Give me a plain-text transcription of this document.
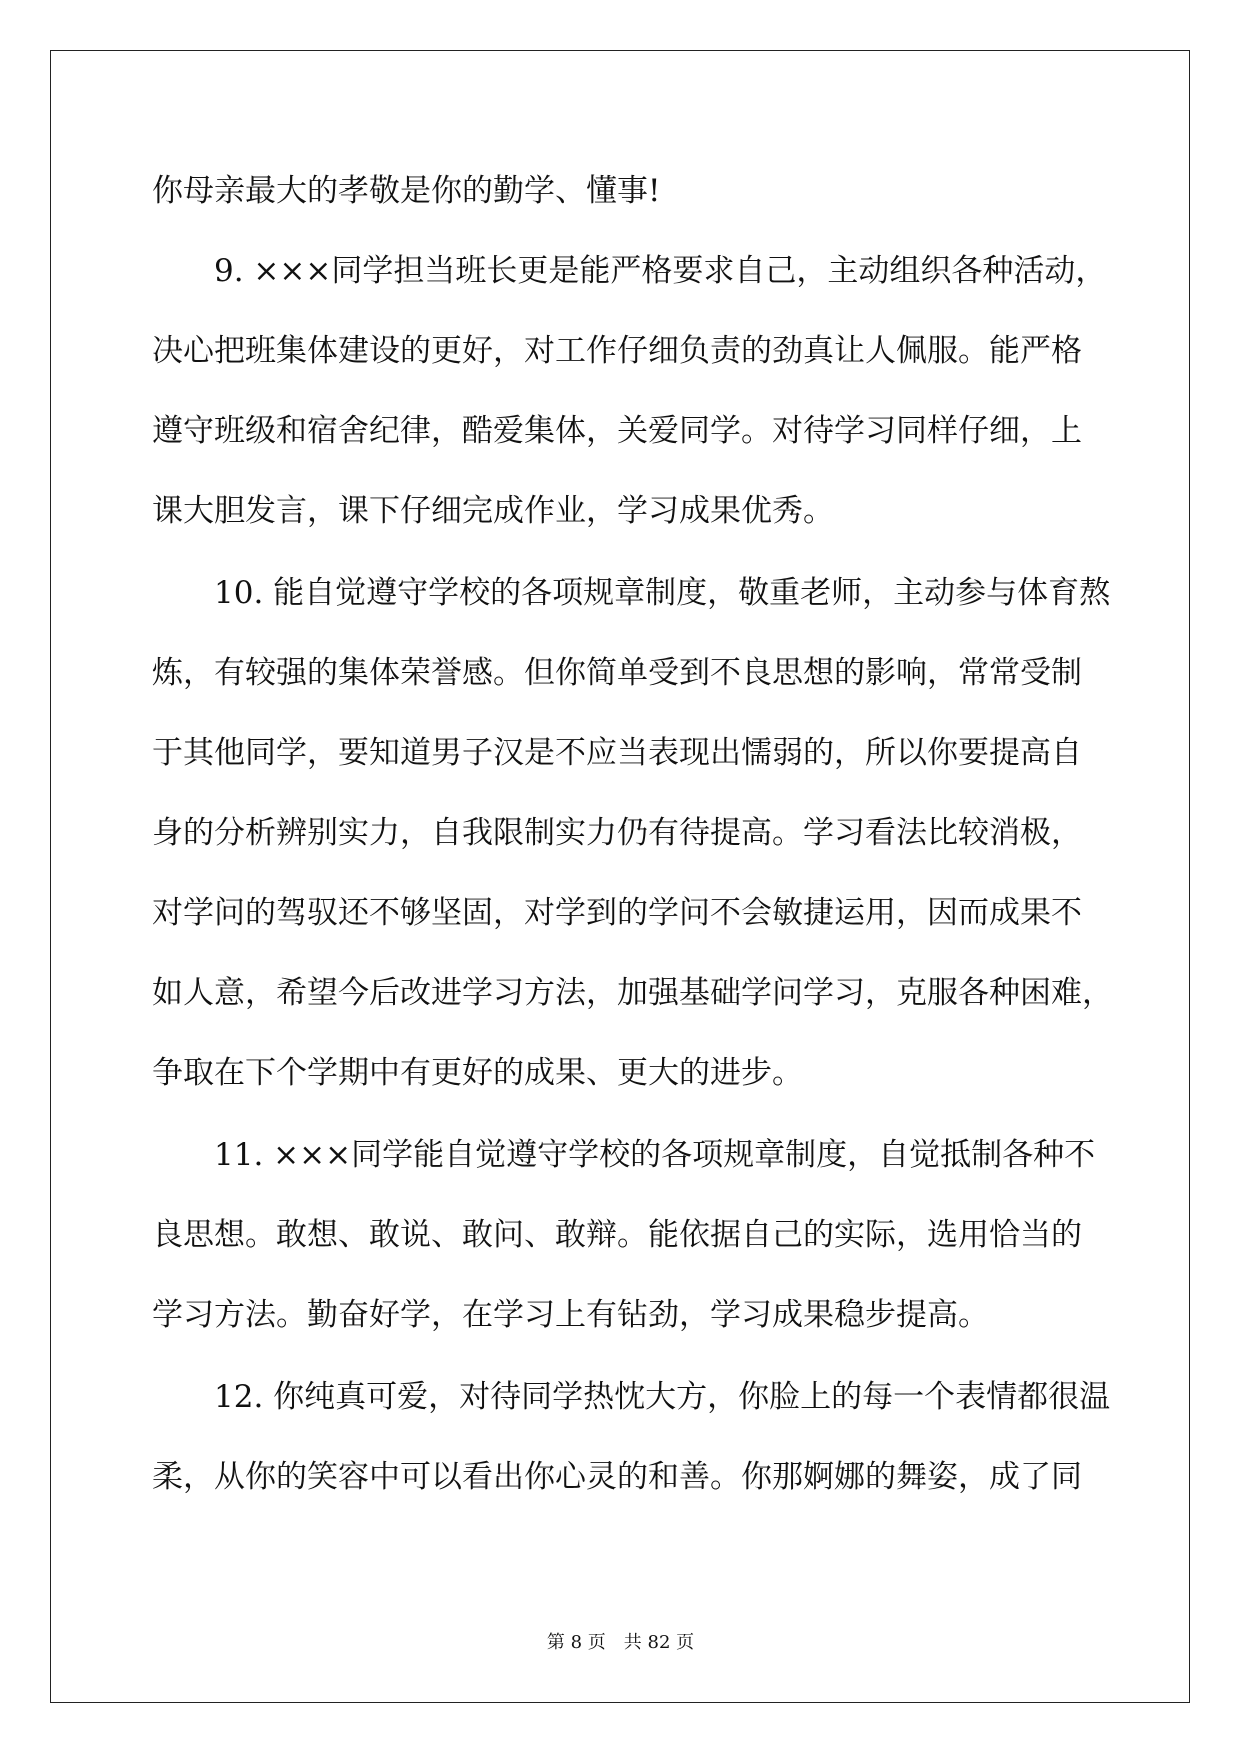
你母亲最大的孝敬是你的勤学、懂事!
　　9. ×××同学担当班长更是能严格要求自己，主动组织各种活动，
决心把班集体建设的更好，对工作仔细负责的劲真让人佩服。能严格
遵守班级和宿舍纪律，酷爱集体，关爱同学。对待学习同样仔细，上
课大胆发言，课下仔细完成作业，学习成果优秀。
　　10. 能自觉遵守学校的各项规章制度，敬重老师，主动参与体育熬
炼，有较强的集体荣誉感。但你简单受到不良思想的影响，常常受制
于其他同学，要知道男子汉是不应当表现出懦弱的，所以你要提高自
身的分析辨别实力，自我限制实力仍有待提高。学习看法比较消极，
对学问的驾驭还不够坚固，对学到的学问不会敏捷运用，因而成果不
如人意，希望今后改进学习方法，加强基础学问学习，克服各种困难，
争取在下个学期中有更好的成果、更大的进步。
　　11. ×××同学能自觉遵守学校的各项规章制度，自觉抵制各种不
良思想。敢想、敢说、敢问、敢辩。能依据自己的实际，选用恰当的
学习方法。勤奋好学，在学习上有钻劲，学习成果稳步提高。
　　12. 你纯真可爱，对待同学热忱大方，你脸上的每一个表情都很温
柔，从你的笑容中可以看出你心灵的和善。你那婀娜的舞姿，成了同
第 8 页　共 82 页
